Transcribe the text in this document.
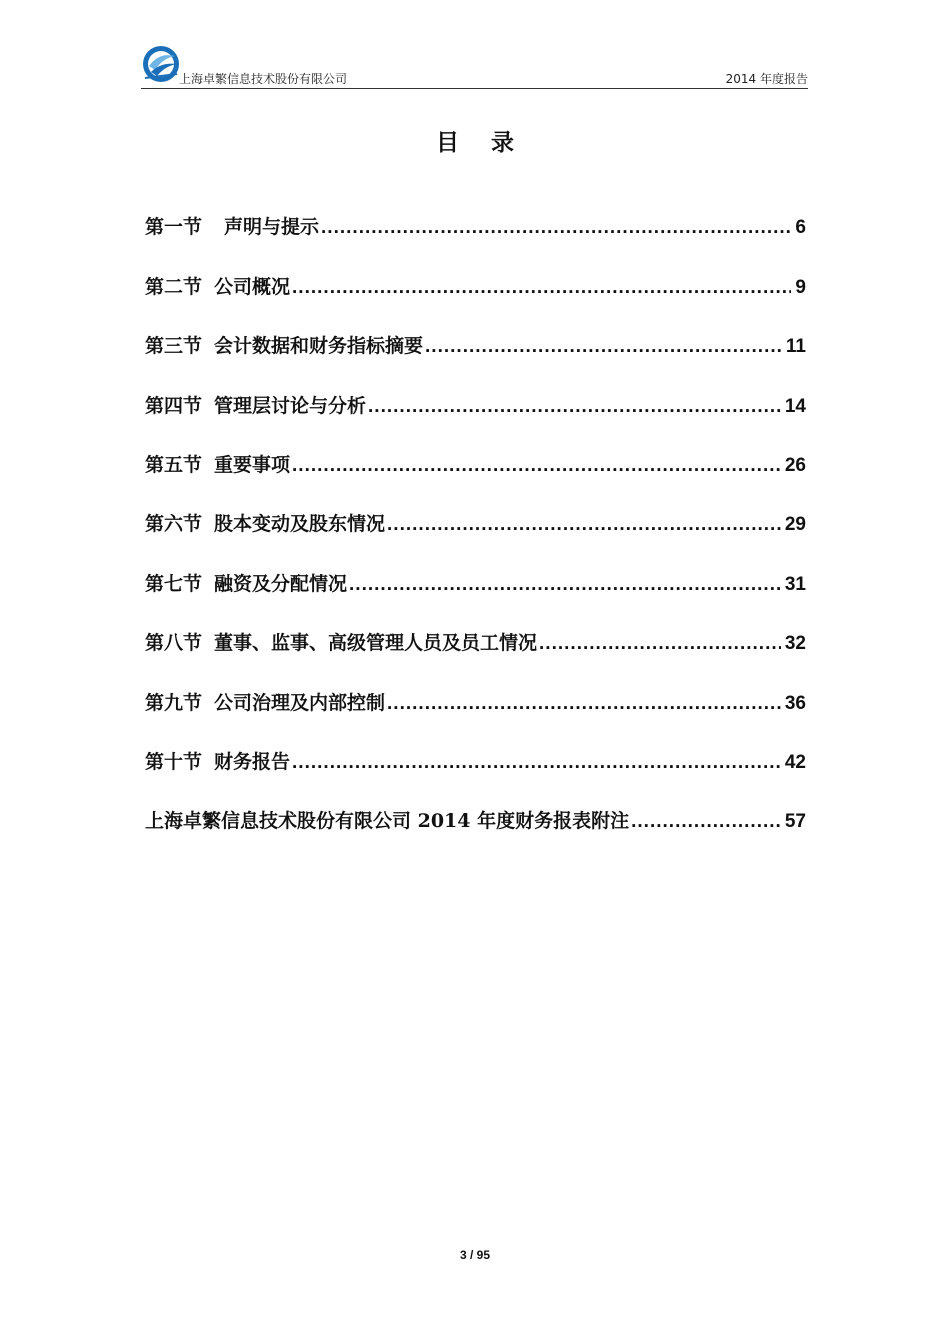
上海卓繁信息技术股份有限公司	2014 年度报告
目 录
第一节 声明与提示 .....	6
第二节 公司概况 .....	9
第三节 会计数据和财务指标摘要 .....	11
第四节 管理层讨论与分析 .....	14
第五节 重要事项 .....	26
第六节 股本变动及股东情况 .....	29
第七节 融资及分配情况 .....	31
第八节 董事、监事、高级管理人员及员工情况 .....	32
第九节 公司治理及内部控制 .....	36
第十节 财务报告 .....	42
上海卓繁信息技术股份有限公司 2014 年度财务报表附注 .....	57
3 / 95
